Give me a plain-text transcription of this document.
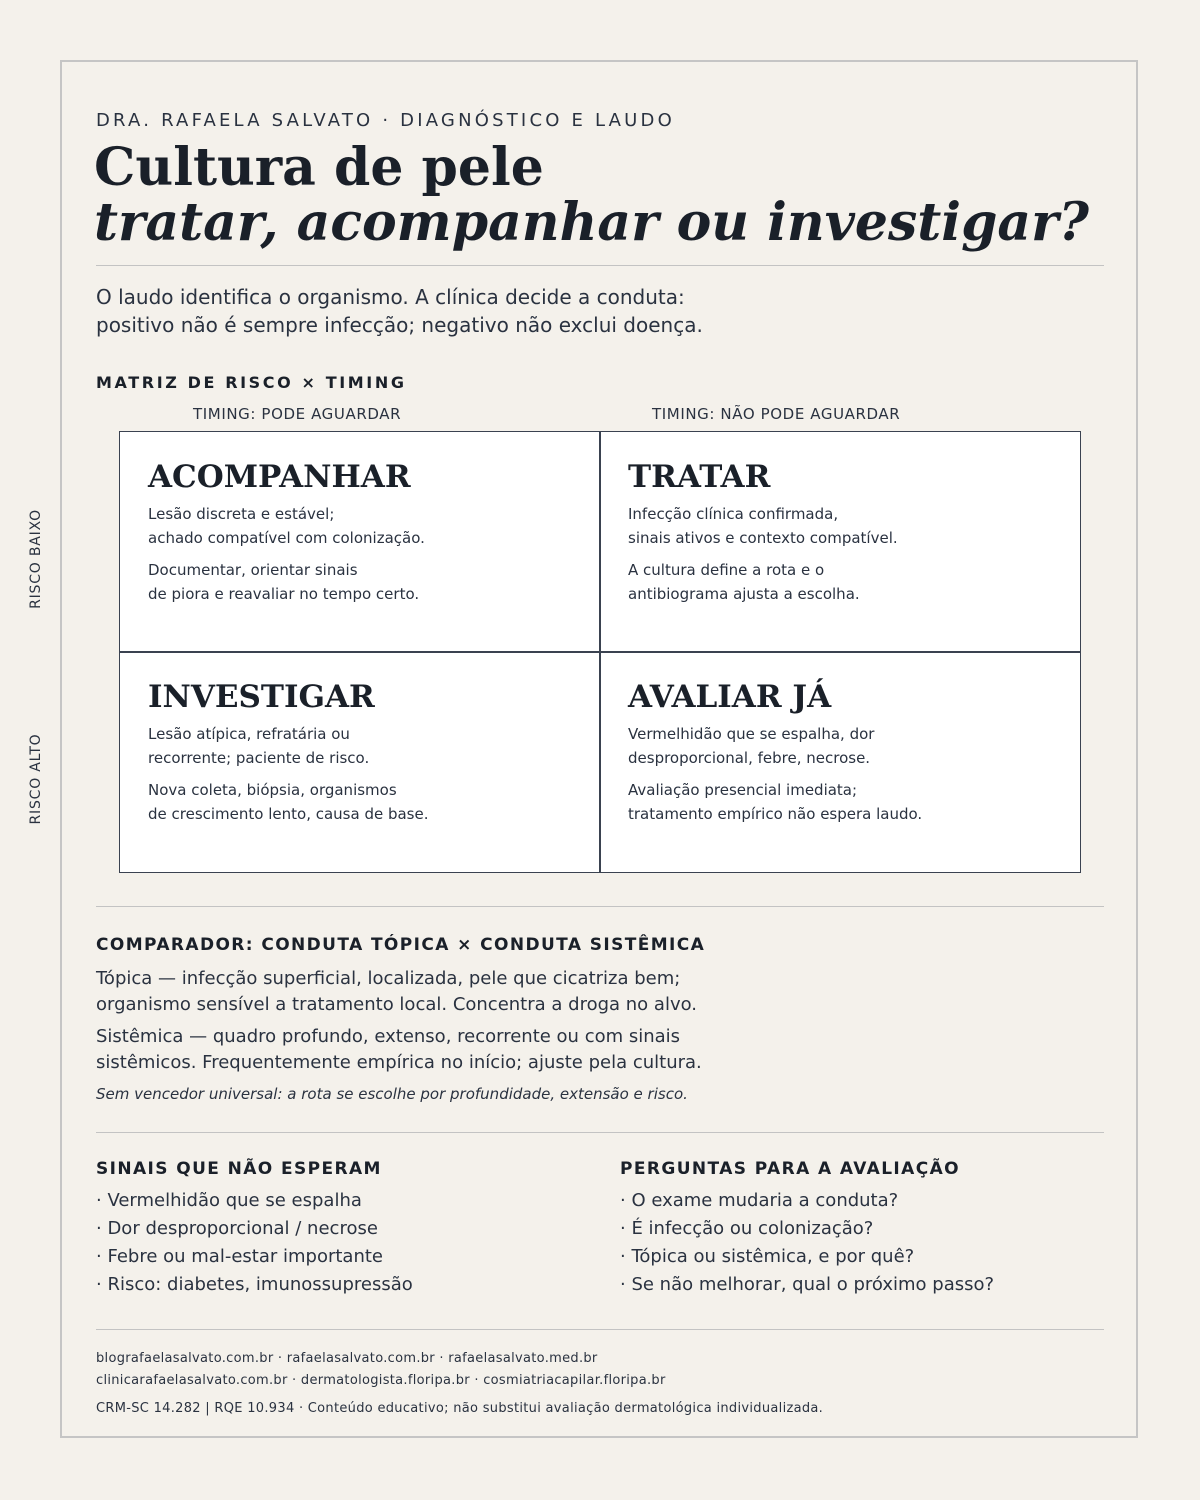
DRA. RAFAELA SALVATO · DIAGNÓSTICO E LAUDO
Cultura de pele
tratar, acompanhar ou investigar?
O laudo identifica o organismo. A clínica decide a conduta:
positivo não é sempre infecção; negativo não exclui doença.
MATRIZ DE RISCO × TIMING
TIMING: PODE AGUARDAR	TIMING: NÃO PODE AGUARDAR
RISCO BAIXO
RISCO ALTO
ACOMPANHAR
Lesão discreta e estável;
achado compatível com colonização.
Documentar, orientar sinais
de piora e reavaliar no tempo certo.
TRATAR
Infecção clínica confirmada,
sinais ativos e contexto compatível.
A cultura define a rota e o
antibiograma ajusta a escolha.
INVESTIGAR
Lesão atípica, refratária ou
recorrente; paciente de risco.
Nova coleta, biópsia, organismos
de crescimento lento, causa de base.
AVALIAR JÁ
Vermelhidão que se espalha, dor
desproporcional, febre, necrose.
Avaliação presencial imediata;
tratamento empírico não espera laudo.
COMPARADOR: CONDUTA TÓPICA × CONDUTA SISTÊMICA
Tópica — infecção superficial, localizada, pele que cicatriza bem;
organismo sensível a tratamento local. Concentra a droga no alvo.
Sistêmica — quadro profundo, extenso, recorrente ou com sinais
sistêmicos. Frequentemente empírica no início; ajuste pela cultura.
Sem vencedor universal: a rota se escolhe por profundidade, extensão e risco.
SINAIS QUE NÃO ESPERAM
· Vermelhidão que se espalha
· Dor desproporcional / necrose
· Febre ou mal-estar importante
· Risco: diabetes, imunossupressão
PERGUNTAS PARA A AVALIAÇÃO
· O exame mudaria a conduta?
· É infecção ou colonização?
· Tópica ou sistêmica, e por quê?
· Se não melhorar, qual o próximo passo?
blografaelasalvato.com.br · rafaelasalvato.com.br · rafaelasalvato.med.br
clinicarafaelasalvato.com.br · dermatologista.floripa.br · cosmiatriacapilar.floripa.br
CRM-SC 14.282 | RQE 10.934 · Conteúdo educativo; não substitui avaliação dermatológica individualizada.
